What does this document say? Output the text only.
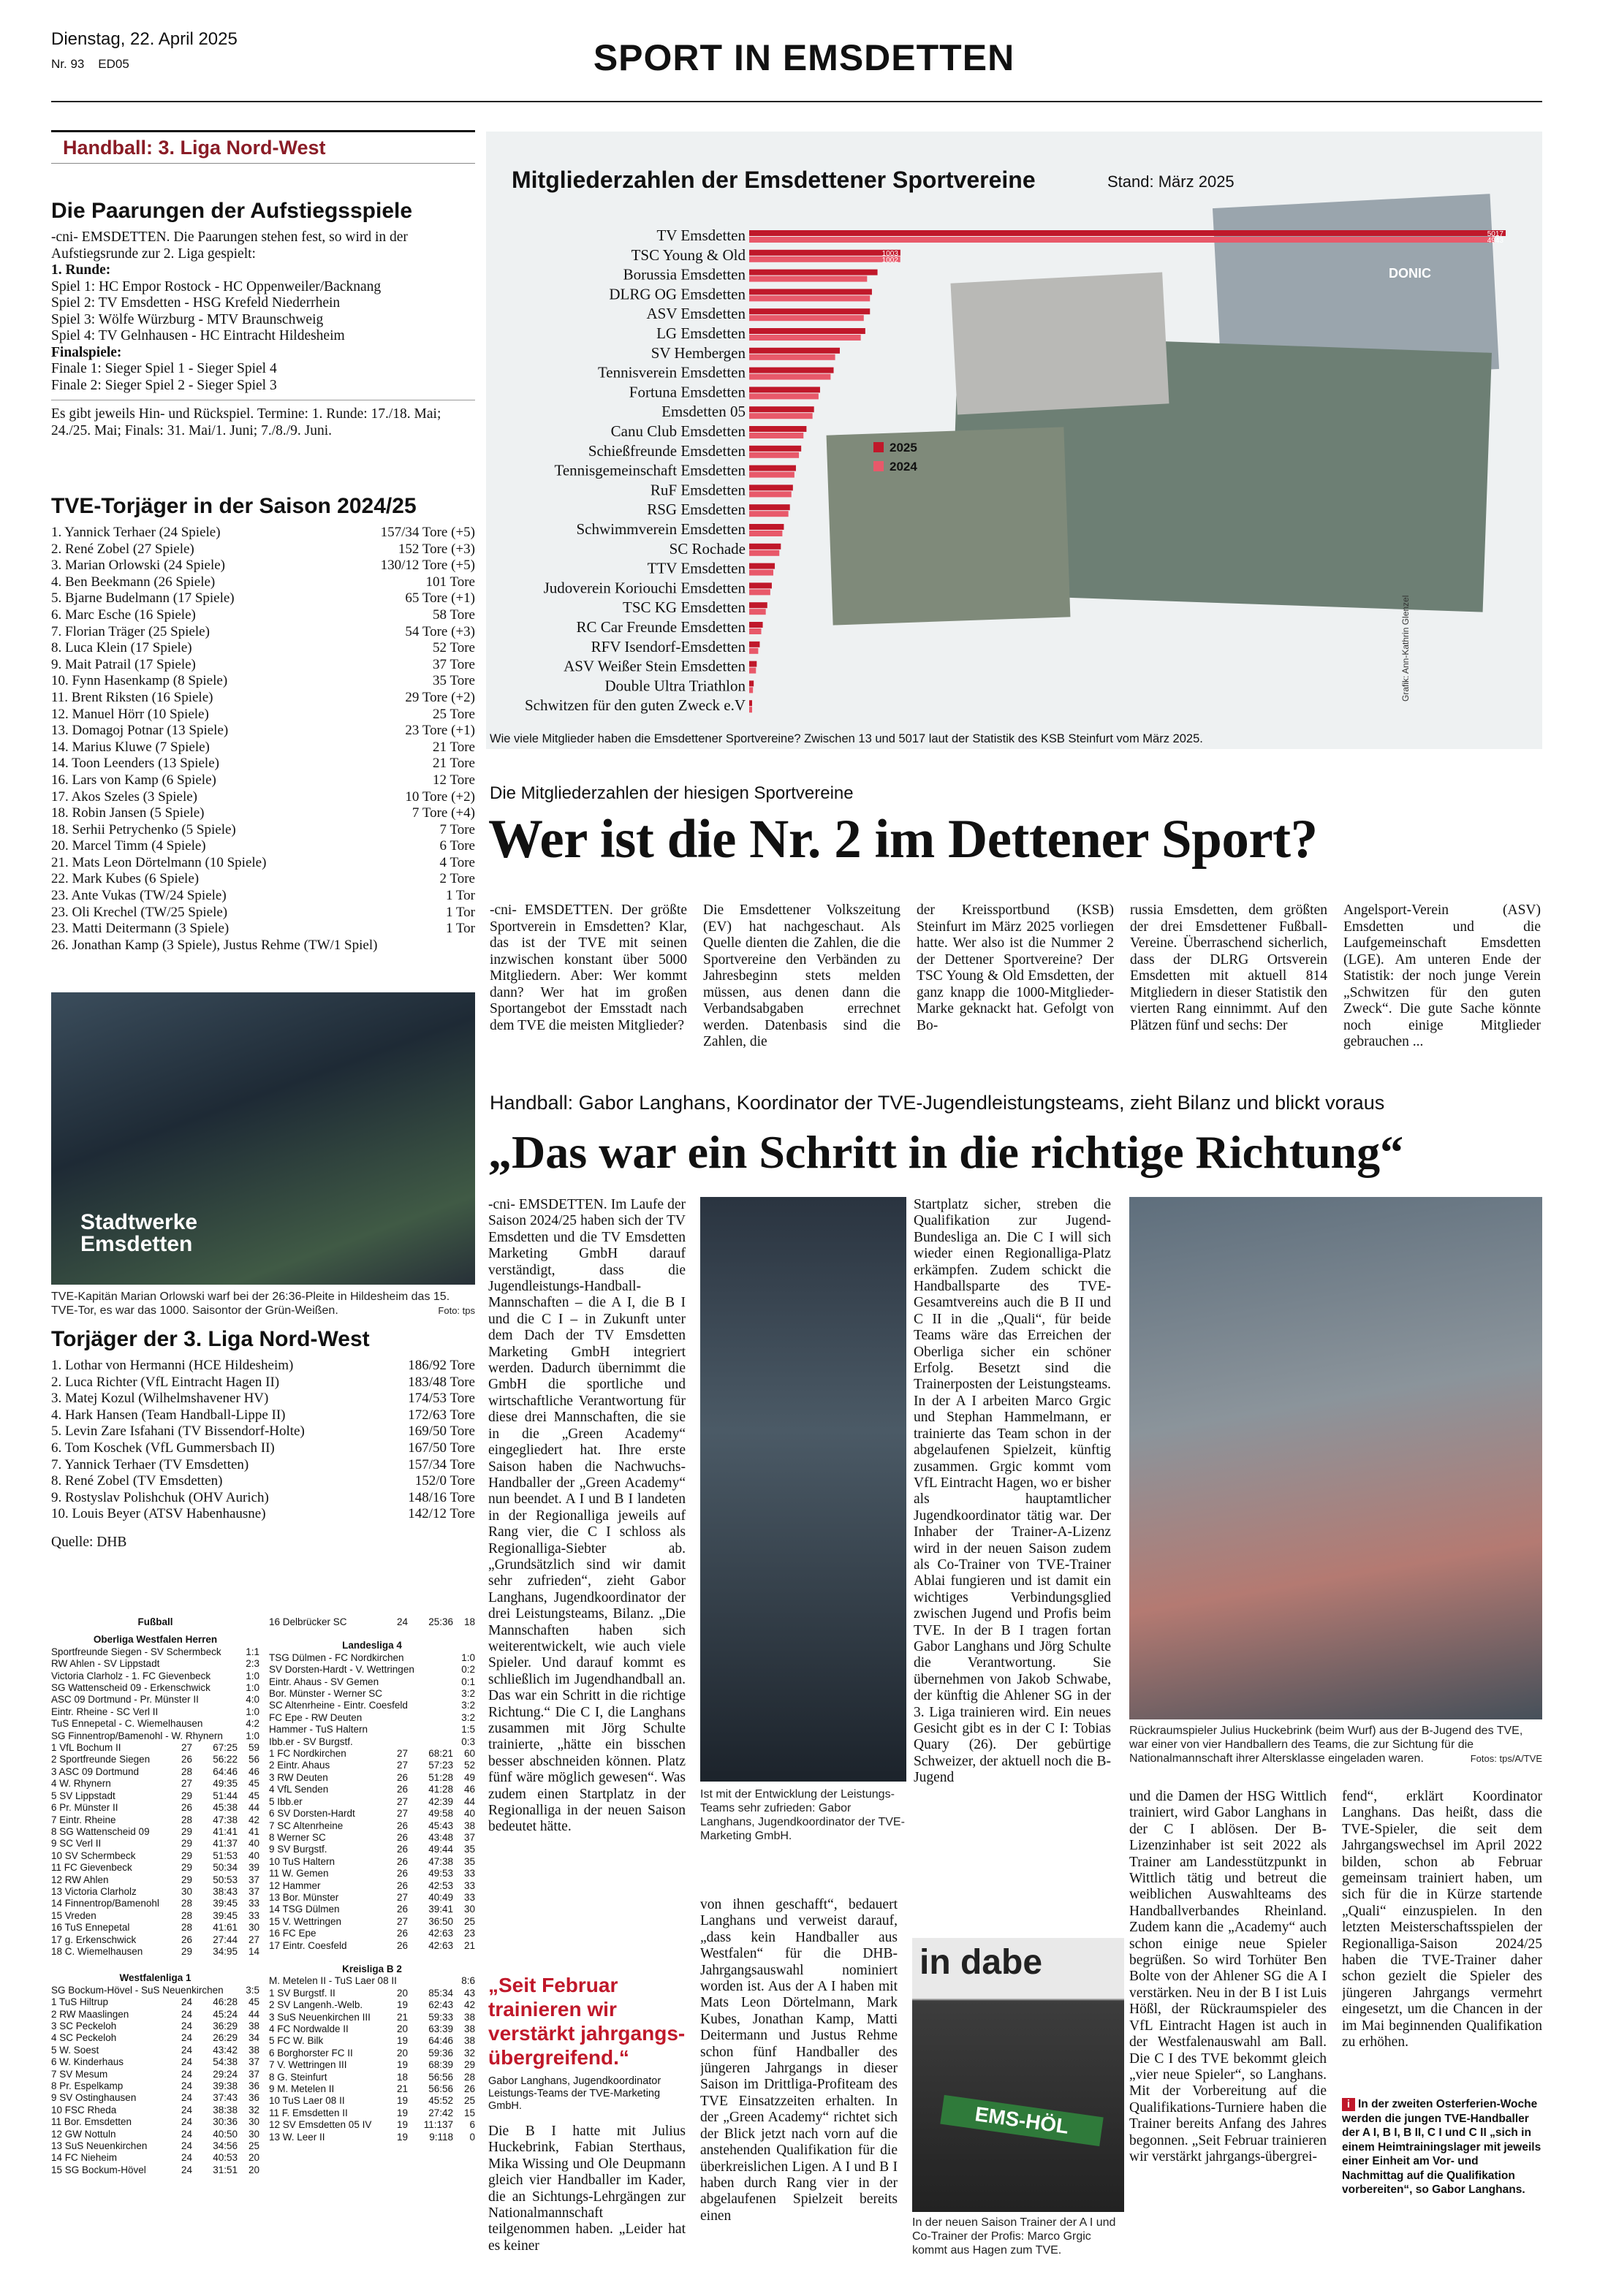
Dienstag, 22. April 2025
Nr. 93 ED05	SPORT IN EMSDETTEN
Handball: 3. Liga Nord-West
Die Paarungen der Aufstiegsspiele
-cni- EMSDETTEN. Die Paarungen stehen fest, so wird in der Aufstiegsrunde zur 2. Liga gespielt:
1. Runde:
Spiel 1: HC Empor Rostock - HC Oppenweiler/Backnang
Spiel 2: TV Emsdetten - HSG Krefeld Niederrhein
Spiel 3: Wölfe Würzburg - MTV Braunschweig
Spiel 4: TV Gelnhausen - HC Eintracht Hildesheim
Finalspiele:
Finale 1: Sieger Spiel 1 - Sieger Spiel 4
Finale 2: Sieger Spiel 2 - Sieger Spiel 3
Es gibt jeweils Hin- und Rückspiel. Termine: 1. Runde: 17./18. Mai; 24./25. Mai; Finals: 31. Mai/1. Juni; 7./8./9. Juni.
TVE-Torjäger in der Saison 2024/25
1. Yannick Terhaer (24 Spiele)	157/34 Tore (+5)
2. René Zobel (27 Spiele)	152 Tore (+3)
3. Marian Orlowski (24 Spiele)	130/12 Tore (+5)
4. Ben Beekmann (26 Spiele)	101 Tore
5. Bjarne Budelmann (17 Spiele)	65 Tore (+1)
6. Marc Esche (16 Spiele)	58 Tore
7. Florian Träger (25 Spiele)	54 Tore (+3)
8. Luca Klein (17 Spiele)	52 Tore
9. Mait Patrail (17 Spiele)	37 Tore
10. Fynn Hasenkamp (8 Spiele)	35 Tore
11. Brent Riksten (16 Spiele)	29 Tore (+2)
12. Manuel Hörr (10 Spiele)	25 Tore
13. Domagoj Potnar (13 Spiele)	23 Tore (+1)
14. Marius Kluwe (7 Spiele)	21 Tore
14. Toon Leenders (13 Spiele)	21 Tore
16. Lars von Kamp (6 Spiele)	12 Tore
17. Akos Szeles (3 Spiele)	10 Tore (+2)
18. Robin Jansen (5 Spiele)	7 Tore (+4)
18. Serhii Petrychenko (5 Spiele)	7 Tore
20. Marcel Timm (4 Spiele)	6 Tore
21. Mats Leon Dörtelmann (10 Spiele)	4 Tore
22. Mark Kubes (6 Spiele)	2 Tore
23. Ante Vukas (TW/24 Spiele)	1 Tor
23. Oli Krechel (TW/25 Spiele)	1 Tor
23. Matti Deitermann (3 Spiele)	1 Tor
26. Jonathan Kamp (3 Spiele), Justus Rehme (TW/1 Spiel)
Stadtwerke Emsdetten
TVE-Kapitän Marian Orlowski warf bei der 26:36-Pleite in Hildesheim das 15. TVE-Tor, es war das 1000. Saisontor der Grün-Weißen.	Foto: tps
Torjäger der 3. Liga Nord-West
1. Lothar von Hermanni (HCE Hildesheim)	186/92 Tore
2. Luca Richter (VfL Eintracht Hagen II)	183/48 Tore
3. Matej Kozul (Wilhelmshavener HV)	174/53 Tore
4. Hark Hansen (Team Handball-Lippe II)	172/63 Tore
5. Levin Zare Isfahani (TV Bissendorf-Holte)	169/50 Tore
6. Tom Koschek (VfL Gummersbach II)	167/50 Tore
7. Yannick Terhaer (TV Emsdetten)	157/34 Tore
8. René Zobel (TV Emsdetten)	152/0 Tore
9. Rostyslav Polishchuk (OHV Aurich)	148/16 Tore
10. Louis Beyer (ATSV Habenhausne)	142/12 Tore
Quelle: DHB
Fußball
Oberliga Westfalen Herren
Sportfreunde Siegen - SV Schermbeck	1:1
RW Ahlen - SV Lippstadt	2:3
Victoria Clarholz - 1. FC Gievenbeck	1:0
SG Wattenscheid 09 - Erkenschwick	1:0
ASC 09 Dortmund - Pr. Münster II	4:0
Eintr. Rheine - SC Verl II	1:0
TuS Ennepetal - C. Wiemelhausen	4:2
SG Finnentrop/Bamenohl - W. Rhynern	1:0
1 VfL Bochum II	27	67:25	59
2 Sportfreunde Siegen	26	56:22	56
3 ASC 09 Dortmund	28	64:46	46
4 W. Rhynern	27	49:35	45
5 SV Lippstadt	29	51:44	45
6 Pr. Münster II	26	45:38	44
7 Eintr. Rheine	28	47:38	42
8 SG Wattenscheid 09	29	41:41	41
9 SC Verl II	29	41:37	40
10 SV Schermbeck	29	51:53	40
11 FC Gievenbeck	29	50:34	39
12 RW Ahlen	29	50:53	37
13 Victoria Clarholz	30	38:43	37
14 Finnentrop/Bamenohl	28	39:45	33
15 Vreden	28	39:45	33
16 TuS Ennepetal	28	41:61	30
17 g. Erkenschwick	26	27:44	27
18 C. Wiemelhausen	29	34:95	14
Westfalenliga 1
SG Bockum-Hövel - SuS Neuenkirchen	3:5
1 TuS Hiltrup	24	46:28	45
2 RW Maaslingen	24	45:24	44
3 SC Peckeloh	24	36:29	38
4 SC Peckeloh	24	26:29	34
5 W. Soest	24	43:42	38
6 W. Kinderhaus	24	54:38	37
7 SV Mesum	24	29:24	37
8 Pr. Espelkamp	24	39:38	36
9 SV Ostinghausen	24	37:43	36
10 FSC Rheda	24	38:38	32
11 Bor. Emsdetten	24	30:36	30
12 GW Nottuln	24	40:50	30
13 SuS Neuenkirchen	24	34:56	25
14 FC Nieheim	24	40:53	20
15 SG Bockum-Hövel	24	31:51	20
16 Delbrücker SC	24	25:36	18
Landesliga 4
TSG Dülmen - FC Nordkirchen	1:0
SV Dorsten-Hardt - V. Wettringen	0:2
Eintr. Ahaus - SV Gemen	0:1
Bor. Münster - Werner SC	3:2
SC Altenrheine - Eintr. Coesfeld	3:2
FC Epe - RW Deuten	3:2
Hammer - TuS Haltern	1:5
Ibb.er - SV Burgstf.	0:3
1 FC Nordkirchen	27	68:21	60
2 Eintr. Ahaus	27	57:23	52
3 RW Deuten	26	51:28	49
4 VfL Senden	26	41:28	46
5 Ibb.er	27	42:39	44
6 SV Dorsten-Hardt	27	49:58	40
7 SC Altenrheine	26	45:43	38
8 Werner SC	26	43:48	37
9 SV Burgstf.	26	49:44	35
10 TuS Haltern	26	47:38	35
11 W. Gemen	26	49:53	33
12 Hammer	26	42:53	33
13 Bor. Münster	27	40:49	33
14 TSG Dülmen	26	39:41	30
15 V. Wettringen	27	36:50	25
16 FC Epe	26	42:63	23
17 Eintr. Coesfeld	26	42:63	21
Kreisliga B 2
M. Metelen II - TuS Laer 08 II	8:6
1 SV Burgstf. II	20	85:34	43
2 SV Langenh.-Welb.	19	62:43	42
3 SuS Neuenkirchen III	21	59:33	38
4 FC Nordwalde II	20	63:39	38
5 FC W. Bilk	19	64:46	38
6 Borghorster FC II	20	59:36	32
7 V. Wettringen III	19	68:39	29
8 G. Steinfurt	18	56:56	28
9 M. Metelen II	21	56:56	26
10 TuS Laer 08 II	19	45:52	25
11 F. Emsdetten II	19	27:42	15
12 SV Emsdetten 05 IV	19	11:137	6
13 W. Leer II	19	9:118	0
DONIC
Grafik: Ann-Kathrin Glenzel
TV Emsdetten	5017
4943
TSC Young & Old	1003
1002
Borussia Emsdetten
DLRG OG Emsdetten
ASV Emsdetten
LG Emsdetten
SV Hembergen
Tennisverein Emsdetten
Fortuna Emsdetten
Emsdetten 05
Canu Club Emsdetten
Schießfreunde Emsdetten
Tennisgemeinschaft Emsdetten
RuF Emsdetten
RSG Emsdetten
Schwimmverein Emsdetten
SC Rochade
TTV Emsdetten
Judoverein Koriouchi Emsdetten
TSC KG Emsdetten
RC Car Freunde Emsdetten
RFV Isendorf-Emsdetten
ASV Weißer Stein Emsdetten
Double Ultra Triathlon
Schwitzen für den guten Zweck e.V
2025
2024
Mitgliederzahlen der Emsdettener Sportvereine	Stand: März 2025
Wie viele Mitglieder haben die Emsdettener Sportvereine? Zwischen 13 und 5017 laut der Statistik des KSB Steinfurt vom März 2025.
Die Mitgliederzahlen der hiesigen Sportvereine
Wer ist die Nr. 2 im Dettener Sport?
-cni- EMSDETTEN. Der größte Sportverein in Emsdetten? Klar, das ist der TVE mit seinen inzwischen konstant über 5000 Mitgliedern. Aber: Wer kommt dann? Wer hat im großen Sportangebot der Emsstadt nach dem TVE die meisten Mitglieder?
Die Emsdettener Volkszeitung (EV) hat nachgeschaut. Als Quelle dienten die Zahlen, die die Sportvereine den Verbänden zu Jahresbeginn stets melden müssen, aus denen dann die Verbandsabgaben errechnet werden. Datenbasis sind die Zahlen, die
der Kreissportbund (KSB) Steinfurt im März 2025 vorliegen hatte. Wer also ist die Nummer 2 der Dettener Sportvereine? Der TSC Young & Old Emsdetten, der ganz knapp die 1000-Mitglieder-Marke geknackt hat. Gefolgt von Bo-
russia Emsdetten, dem größten der drei Emsdettener Fußball-Vereine. Überraschend sicherlich, dass der DLRG Ortsverein Emsdetten mit aktuell 814 Mitgliedern in dieser Statistik den vierten Rang einnimmt. Auf den Plätzen fünf und sechs: Der
Angelsport-Verein (ASV) Emsdetten und die Laufgemeinschaft Emsdetten (LGE). Am unteren Ende der Statistik: der noch junge Verein „Schwitzen für den guten Zweck“. Die gute Sache könnte noch einige Mitglieder gebrauchen ...
Handball: Gabor Langhans, Koordinator der TVE-Jugendleistungsteams, zieht Bilanz und blickt voraus
„Das war ein Schritt in die richtige Richtung“
-cni- EMSDETTEN. Im Laufe der Saison 2024/25 haben sich der TV Emsdetten und die TV Emsdetten Marketing GmbH darauf verständigt, dass die Jugendleistungs-Handball-Mannschaften – die A I, die B I und die C I – in Zukunft unter dem Dach der TV Emsdetten Marketing GmbH integriert werden. Dadurch übernimmt die GmbH die sportliche und wirtschaftliche Verantwortung für diese drei Mannschaften, die sie in die „Green Academy“ eingegliedert hat. Ihre erste Saison haben die Nachwuchs-Handballer der „Green Academy“ nun beendet. A I und B I landeten in der Regionalliga jeweils auf Rang vier, die C I schloss als Regionalliga-Siebter ab. „Grundsätzlich sind wir damit sehr zufrieden“, zieht Gabor Langhans, Jugendkoordinator der drei Leistungsteams, Bilanz. „Die Mannschaften haben sich weiterentwickelt, wie auch viele Spieler. Und darauf kommt es schließlich im Jugendhandball an. Das war ein Schritt in die richtige Richtung.“ Die C I, die Langhans zusammen mit Jörg Schulte trainierte, „hätte ein bisschen besser abschneiden können. Platz fünf wäre möglich gewesen“. Was zudem einen Startplatz in der Regionalliga in der neuen Saison bedeutet hätte.
„Seit Februar trainieren wir verstärkt jahrgangs-übergreifend.“
Gabor Langhans, Jugendkoordinator Leistungs-Teams der TVE-Marketing GmbH.
Die B I hatte mit Julius Huckebrink, Fabian Sterthaus, Mika Wissing und Ole Deupmann gleich vier Handballer im Kader, die an Sichtungs-Lehrgängen zur Nationalmannschaft teilgenommen haben. „Leider hat es keiner
Ist mit der Entwicklung der Leistungs-Teams sehr zufrieden: Gabor Langhans, Jugendkoordinator der TVE-Marketing GmbH.
von ihnen geschafft“, bedauert Langhans und verweist darauf, „dass kein Handballer aus Westfalen“ für die DHB-Jahrgangsauswahl nominiert worden ist. Aus der A I haben mit Mats Leon Dörtelmann, Mark Kubes, Jonathan Kamp, Matti Deitermann und Justus Rehme schon fünf Handballer des jüngeren Jahrgangs in dieser Saison im Drittliga-Profiteam des TVE Einsatzzeiten erhalten. In der „Green Academy“ richtet sich der Blick jetzt nach vorn auf die anstehenden Qualifikation für die überkreislichen Ligen. A I und B I haben durch Rang vier in der abgelaufenen Spielzeit bereits einen
Startplatz sicher, streben die Qualifikation zur Jugend-Bundesliga an. Die C I will sich wieder einen Regionalliga-Platz erkämpfen. Zudem schickt die Handballsparte des TVE-Gesamtvereins auch die B II und C II in die „Quali“, für beide Teams wäre das Erreichen der Oberliga sicher ein schöner Erfolg. Besetzt sind die Trainerposten der Leistungsteams. In der A I arbeiten Marco Grgic und Stephan Hammelmann, er trainierte das Team schon in der abgelaufenen Spielzeit, künftig zusammen. Grgic kommt vom VfL Eintracht Hagen, wo er bisher als hauptamtlicher Jugendkoordinator tätig war. Der Inhaber der Trainer-A-Lizenz wird in der neuen Saison zudem als Co-Trainer von TVE-Trainer Ablai fungieren und ist damit ein wichtiges Verbindungsglied zwischen Jugend und Profis beim TVE. In der B I tragen fortan Gabor Langhans und Jörg Schulte die Verantwortung. Sie übernehmen von Jakob Schwabe, der künftig die Ahlener SG in der 3. Liga trainieren wird. Ein neues Gesicht gibt es in der C I: Tobias Quary (26). Der gebürtige Schweizer, der aktuell noch die B-Jugend
in dabe
EMS-HÖL
In der neuen Saison Trainer der A I und Co-Trainer der Profis: Marco Grgic kommt aus Hagen zum TVE.
Rückraumspieler Julius Huckebrink (beim Wurf) aus der B-Jugend des TVE, war einer von vier Handballern des Teams, die zur Sichtung für die Nationalmannschaft ihrer Altersklasse eingeladen waren.	Fotos: tps/A/TVE
und die Damen der HSG Wittlich trainiert, wird Gabor Langhans in der C I ablösen. Der B-Lizenzinhaber ist seit 2022 als Trainer am Landesstützpunkt in Wittlich tätig und betreut die weiblichen Auswahlteams des Handballverbandes Rheinland. Zudem kann die „Academy“ auch schon einige neue Spieler begrüßen. So wird Torhüter Ben Bolte von der Ahlener SG die A I verstärken. Neu in der B I ist Luis Hößl, der Rückraumspieler des VfL Eintracht Hagen ist auch in der Westfalenauswahl am Ball. Die C I des TVE bekommt gleich „vier neue Spieler“, so Langhans. Mit der Vorbereitung auf die Qualifikations-Turniere haben die Trainer bereits Anfang des Jahres begonnen. „Seit Februar trainieren wir verstärkt jahrgangs-übergrei-
fend“, erklärt Koordinator Langhans. Das heißt, dass die TVE-Spieler, die seit dem Jahrgangswechsel im April 2022 bilden, schon ab Februar gemeinsam trainiert haben, um sich für die in Kürze startende „Quali“ einzuspielen. In den letzten Meisterschaftsspielen der Regionalliga-Saison 2024/25 haben die TVE-Trainer daher schon gezielt die Spieler des jüngeren Jahrgangs vermehrt eingesetzt, um die Chancen in der im Mai beginnenden Qualifikation zu erhöhen.
i In der zweiten Osterferien-Woche werden die jungen TVE-Handballer der A I, B I, B II, C I und C II „sich in einem Heimtrainingslager mit jeweils einer Einheit am Vor- und Nachmittag auf die Qualifikation vorbereiten“, so Gabor Langhans.
